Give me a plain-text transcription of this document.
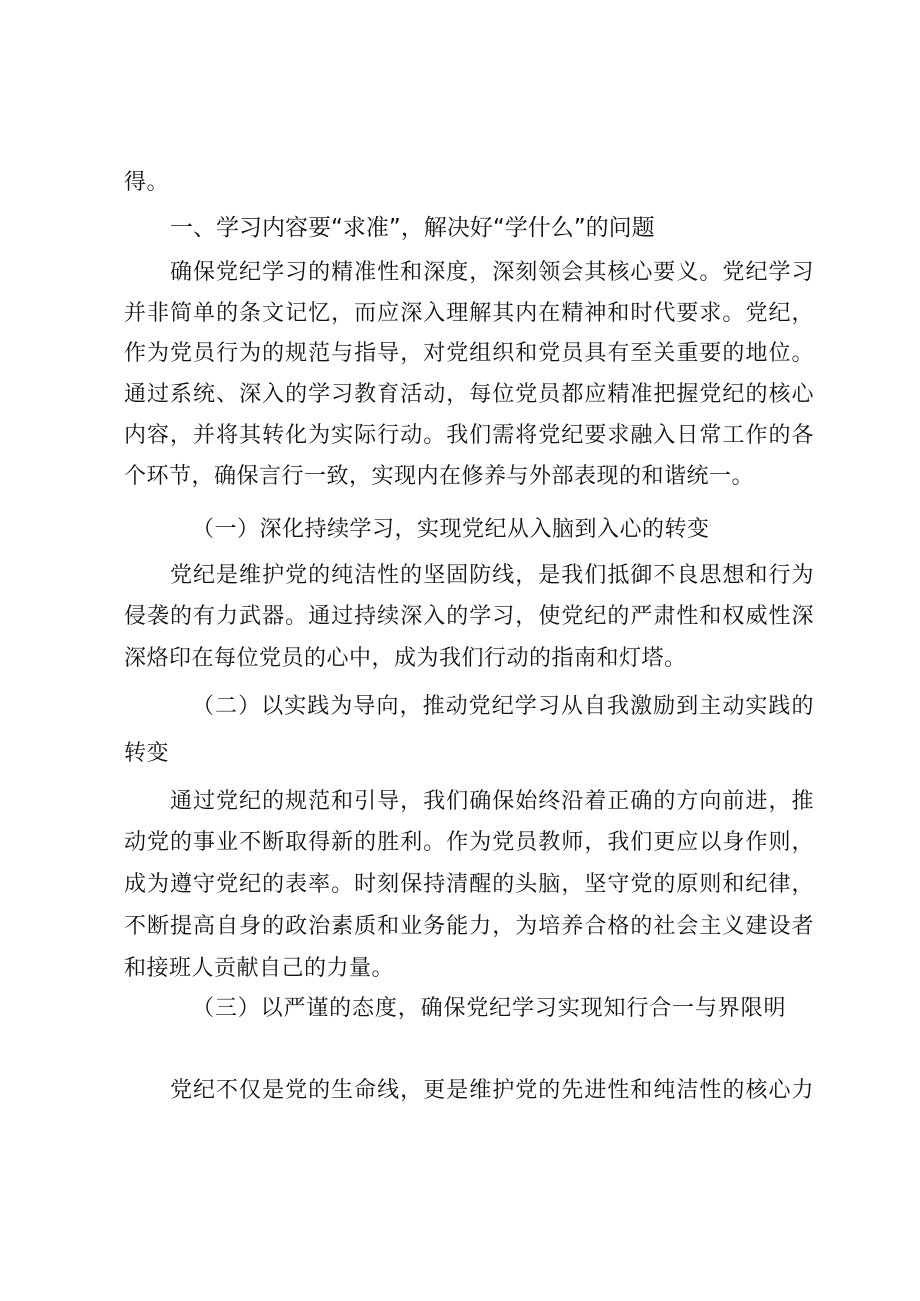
得。
一、学习内容要“求准”，解决好“学什么”的问题
确保党纪学习的精准性和深度，深刻领会其核心要义。党纪学习
并非简单的条文记忆，而应深入理解其内在精神和时代要求。党纪，
作为党员行为的规范与指导，对党组织和党员具有至关重要的地位。
通过系统、深入的学习教育活动，每位党员都应精准把握党纪的核心
内容，并将其转化为实际行动。我们需将党纪要求融入日常工作的各
个环节，确保言行一致，实现内在修养与外部表现的和谐统一。
（一）深化持续学习，实现党纪从入脑到入心的转变
党纪是维护党的纯洁性的坚固防线，是我们抵御不良思想和行为
侵袭的有力武器。通过持续深入的学习，使党纪的严肃性和权威性深
深烙印在每位党员的心中，成为我们行动的指南和灯塔。
（二）以实践为导向，推动党纪学习从自我激励到主动实践的
转变
通过党纪的规范和引导，我们确保始终沿着正确的方向前进，推
动党的事业不断取得新的胜利。作为党员教师，我们更应以身作则，
成为遵守党纪的表率。时刻保持清醒的头脑，坚守党的原则和纪律，
不断提高自身的政治素质和业务能力，为培养合格的社会主义建设者
和接班人贡献自己的力量。
（三）以严谨的态度，确保党纪学习实现知行合一与界限明
党纪不仅是党的生命线，更是维护党的先进性和纯洁性的核心力
